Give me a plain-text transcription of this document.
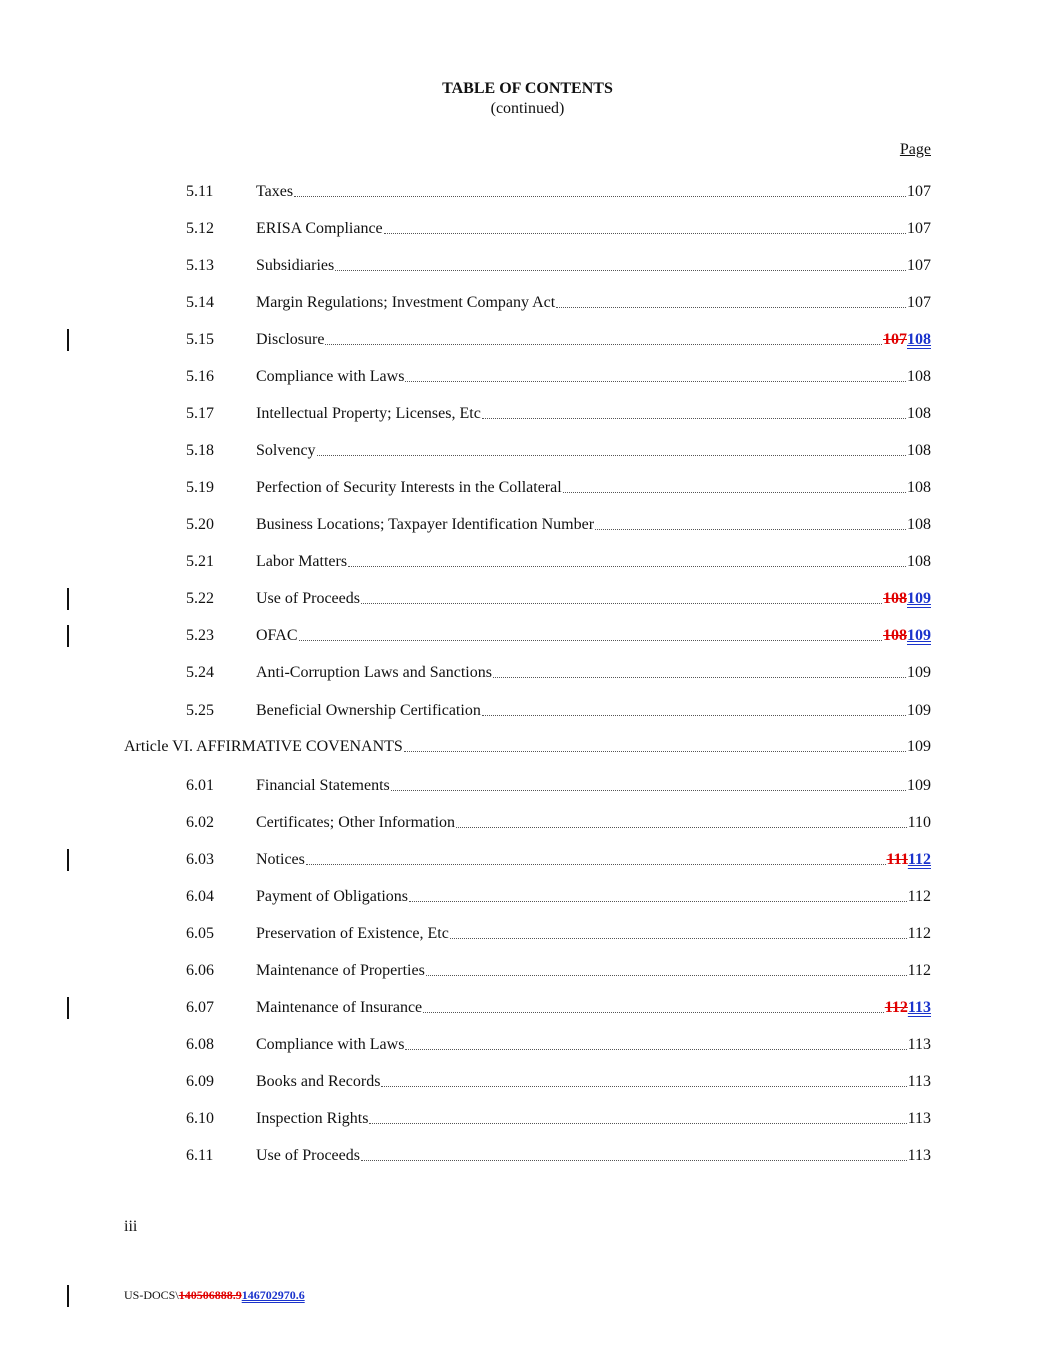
TABLE OF CONTENTS
(continued)
Page
5.11	Taxes	107
5.12	ERISA Compliance	107
5.13	Subsidiaries	107
5.14	Margin Regulations; Investment Company Act	107
5.15	Disclosure	107108
5.16	Compliance with Laws	108
5.17	Intellectual Property; Licenses, Etc	108
5.18	Solvency	108
5.19	Perfection of Security Interests in the Collateral	108
5.20	Business Locations; Taxpayer Identification Number	108
5.21	Labor Matters	108
5.22	Use of Proceeds	108109
5.23	OFAC	108109
5.24	Anti-Corruption Laws and Sanctions	109
5.25	Beneficial Ownership Certification	109
Article VI. AFFIRMATIVE COVENANTS	109
6.01	Financial Statements	109
6.02	Certificates; Other Information	110
6.03	Notices	111112
6.04	Payment of Obligations	112
6.05	Preservation of Existence, Etc	112
6.06	Maintenance of Properties	112
6.07	Maintenance of Insurance	112113
6.08	Compliance with Laws	113
6.09	Books and Records	113
6.10	Inspection Rights	113
6.11	Use of Proceeds	113
iii
US-DOCS\140506888.9146702970.6
